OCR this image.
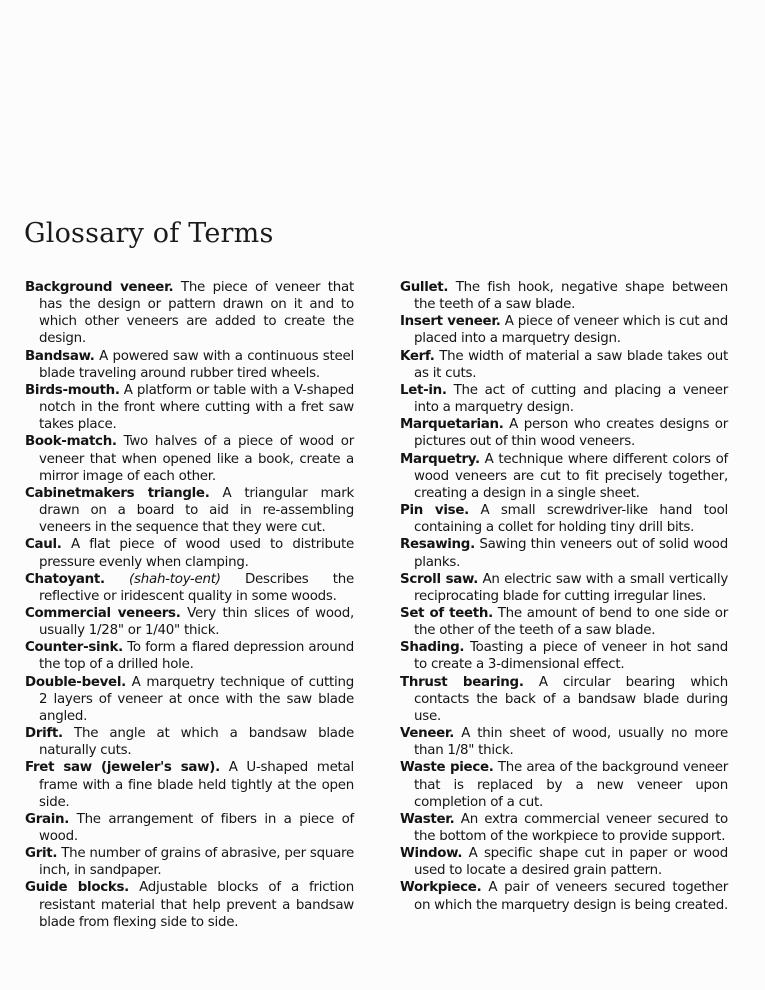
Glossary of Terms

Background veneer. The piece of veneer that has the design or pattern drawn on it and to which other veneers are added to create the design.

Bandsaw. A powered saw with a continuous steel blade traveling around rubber tired wheels.

Birds-mouth. A platform or table with a V-shaped notch in the front where cutting with a fret saw takes place.

Book-match. Two halves of a piece of wood or veneer that when opened like a book, create a mirror image of each other.

Cabinetmakers triangle. A triangular mark drawn on a board to aid in re-assembling veneers in the sequence that they were cut.

Caul. A flat piece of wood used to distribute pressure evenly when clamping.

Chatoyant. (shah-toy-ent) Describes the reflective or iridescent quality in some woods.

Commercial veneers. Very thin slices of wood, usually 1/28" or 1/40" thick.

Counter-sink. To form a flared depression around the top of a drilled hole.

Double-bevel. A marquetry technique of cutting 2 layers of veneer at once with the saw blade angled.

Drift. The angle at which a bandsaw blade naturally cuts.

Fret saw (jeweler's saw). A U-shaped metal frame with a fine blade held tightly at the open side.

Grain. The arrangement of fibers in a piece of wood.

Grit. The number of grains of abrasive, per square inch, in sandpaper.

Guide blocks. Adjustable blocks of a friction resistant material that help prevent a bandsaw blade from flexing side to side.

Gullet. The fish hook, negative shape between the teeth of a saw blade.

Insert veneer. A piece of veneer which is cut and placed into a marquetry design.

Kerf. The width of material a saw blade takes out as it cuts.

Let-in. The act of cutting and placing a veneer into a marquetry design.

Marquetarian. A person who creates designs or pictures out of thin wood veneers.

Marquetry. A technique where different colors of wood veneers are cut to fit precisely together, creating a design in a single sheet.

Pin vise. A small screwdriver-like hand tool containing a collet for holding tiny drill bits.

Resawing. Sawing thin veneers out of solid wood planks.

Scroll saw. An electric saw with a small vertically reciprocating blade for cutting irregular lines.

Set of teeth. The amount of bend to one side or the other of the teeth of a saw blade.

Shading. Toasting a piece of veneer in hot sand to create a 3-dimensional effect.

Thrust bearing. A circular bearing which contacts the back of a bandsaw blade during use.

Veneer. A thin sheet of wood, usually no more than 1/8" thick.

Waste piece. The area of the background veneer that is replaced by a new veneer upon completion of a cut.

Waster. An extra commercial veneer secured to the bottom of the workpiece to provide support.

Window. A specific shape cut in paper or wood used to locate a desired grain pattern.

Workpiece. A pair of veneers secured together on which the marquetry design is being created.
